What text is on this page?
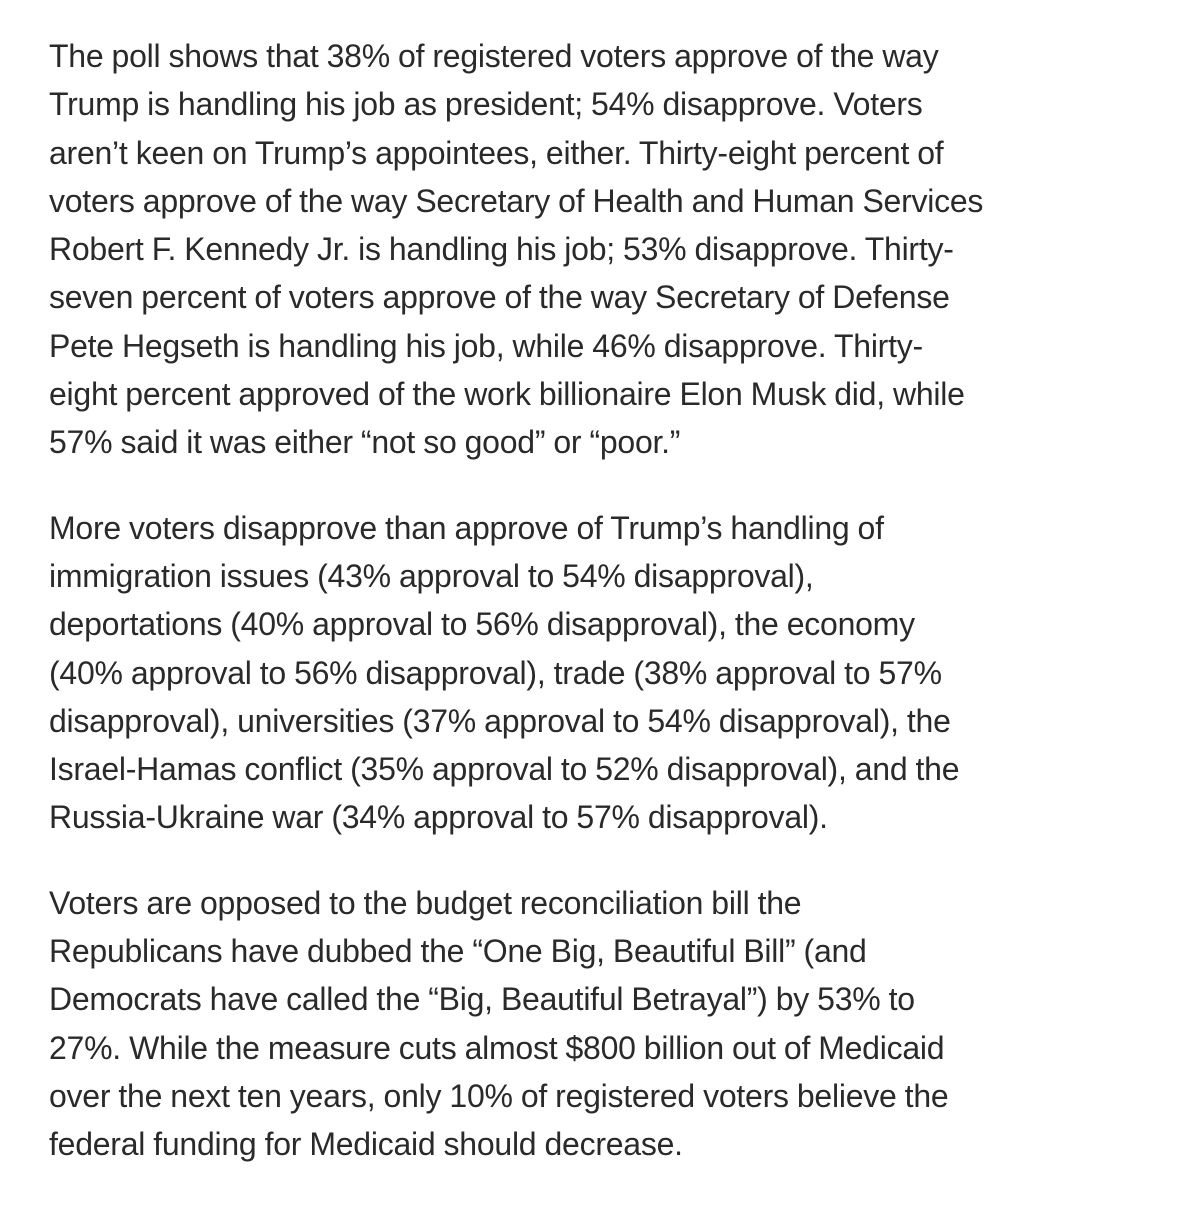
The poll shows that 38% of registered voters approve of the way
Trump is handling his job as president; 54% disapprove. Voters
aren’t keen on Trump’s appointees, either. Thirty-eight percent of
voters approve of the way Secretary of Health and Human Services
Robert F. Kennedy Jr. is handling his job; 53% disapprove. Thirty-
seven percent of voters approve of the way Secretary of Defense
Pete Hegseth is handling his job, while 46% disapprove. Thirty-
eight percent approved of the work billionaire Elon Musk did, while
57% said it was either “not so good” or “poor.”

More voters disapprove than approve of Trump’s handling of
immigration issues (43% approval to 54% disapproval),
deportations (40% approval to 56% disapproval), the economy
(40% approval to 56% disapproval), trade (38% approval to 57%
disapproval), universities (37% approval to 54% disapproval), the
Israel-Hamas conflict (35% approval to 52% disapproval), and the
Russia-Ukraine war (34% approval to 57% disapproval).

Voters are opposed to the budget reconciliation bill the
Republicans have dubbed the “One Big, Beautiful Bill” (and
Democrats have called the “Big, Beautiful Betrayal”) by 53% to
27%. While the measure cuts almost $800 billion out of Medicaid
over the next ten years, only 10% of registered voters believe the
federal funding for Medicaid should decrease.
